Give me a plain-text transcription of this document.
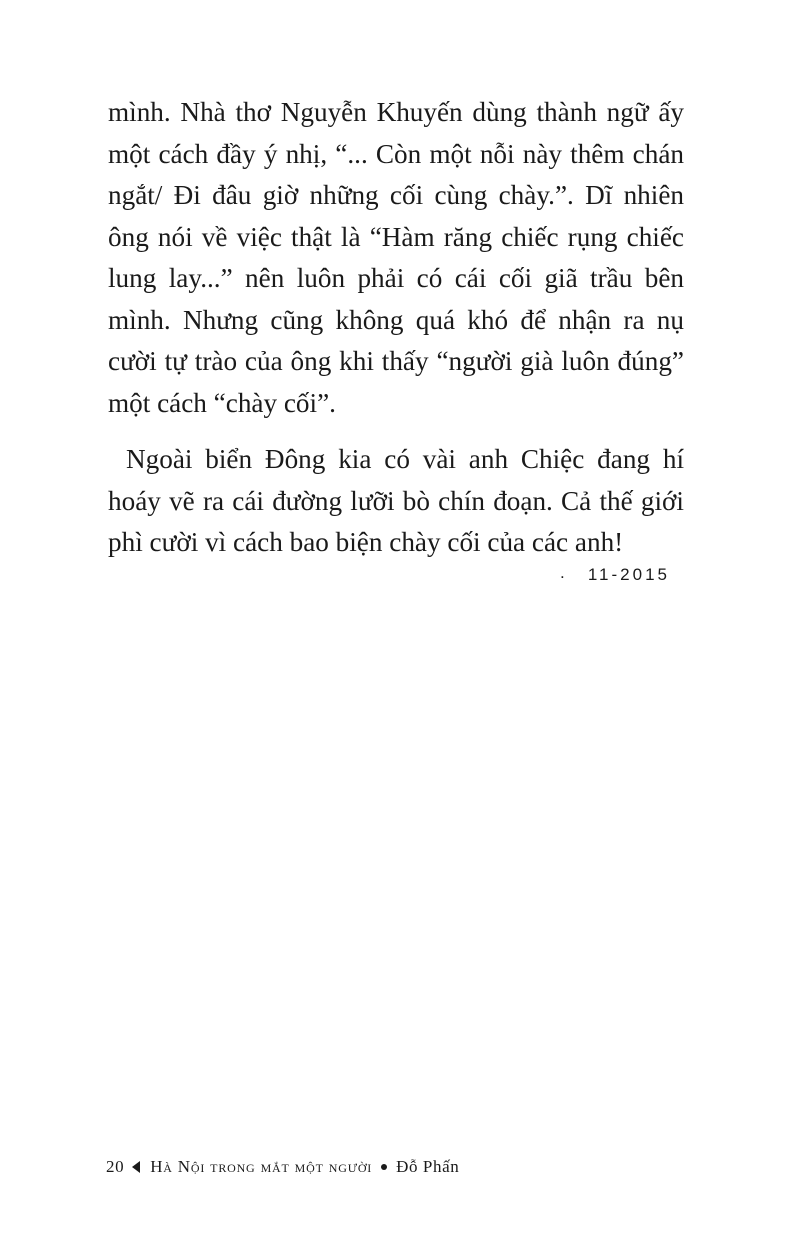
mình. Nhà thơ Nguyễn Khuyến dùng thành ngữ ấy một cách đầy ý nhị, “... Còn một nỗi này thêm chán ngắt/ Đi đâu giờ những cối cùng chày.”. Dĩ nhiên ông nói về việc thật là “Hàm răng chiếc rụng chiếc lung lay...” nên luôn phải có cái cối giã trầu bên mình. Nhưng cũng không quá khó để nhận ra nụ cười tự trào của ông khi thấy “người già luôn đúng” một cách “chày cối”.

Ngoài biển Đông kia có vài anh Chiệc đang hí hoáy vẽ ra cái đường lưỡi bò chín đoạn. Cả thế giới phì cười vì cách bao biện chày cối của các anh!

. 11-2015
20 Hà Nội trong mắt một người Đỗ Phấn
